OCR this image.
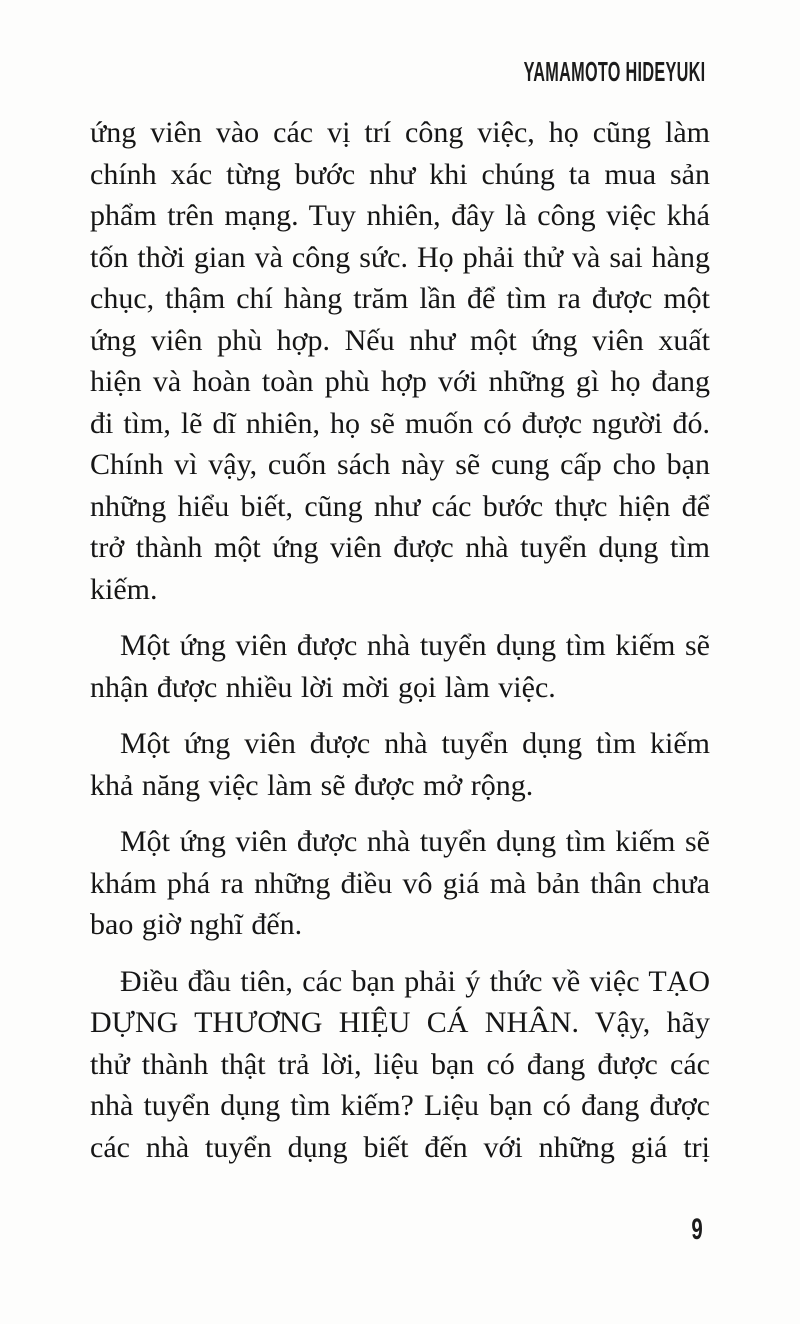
YAMAMOTO HIDEYUKI

ứng viên vào các vị trí công việc, họ cũng làm chính xác từng bước như khi chúng ta mua sản phẩm trên mạng. Tuy nhiên, đây là công việc khá tốn thời gian và công sức. Họ phải thử và sai hàng chục, thậm chí hàng trăm lần để tìm ra được một ứng viên phù hợp. Nếu như một ứng viên xuất hiện và hoàn toàn phù hợp với những gì họ đang đi tìm, lẽ dĩ nhiên, họ sẽ muốn có được người đó. Chính vì vậy, cuốn sách này sẽ cung cấp cho bạn những hiểu biết, cũng như các bước thực hiện để trở thành một ứng viên được nhà tuyển dụng tìm kiếm.

Một ứng viên được nhà tuyển dụng tìm kiếm sẽ nhận được nhiều lời mời gọi làm việc.

Một ứng viên được nhà tuyển dụng tìm kiếm khả năng việc làm sẽ được mở rộng.

Một ứng viên được nhà tuyển dụng tìm kiếm sẽ khám phá ra những điều vô giá mà bản thân chưa bao giờ nghĩ đến.

Điều đầu tiên, các bạn phải ý thức về việc TẠO DỰNG THƯƠNG HIỆU CÁ NHÂN. Vậy, hãy thử thành thật trả lời, liệu bạn có đang được các nhà tuyển dụng tìm kiếm? Liệu bạn có đang được các nhà tuyển dụng biết đến với những giá trị

9
